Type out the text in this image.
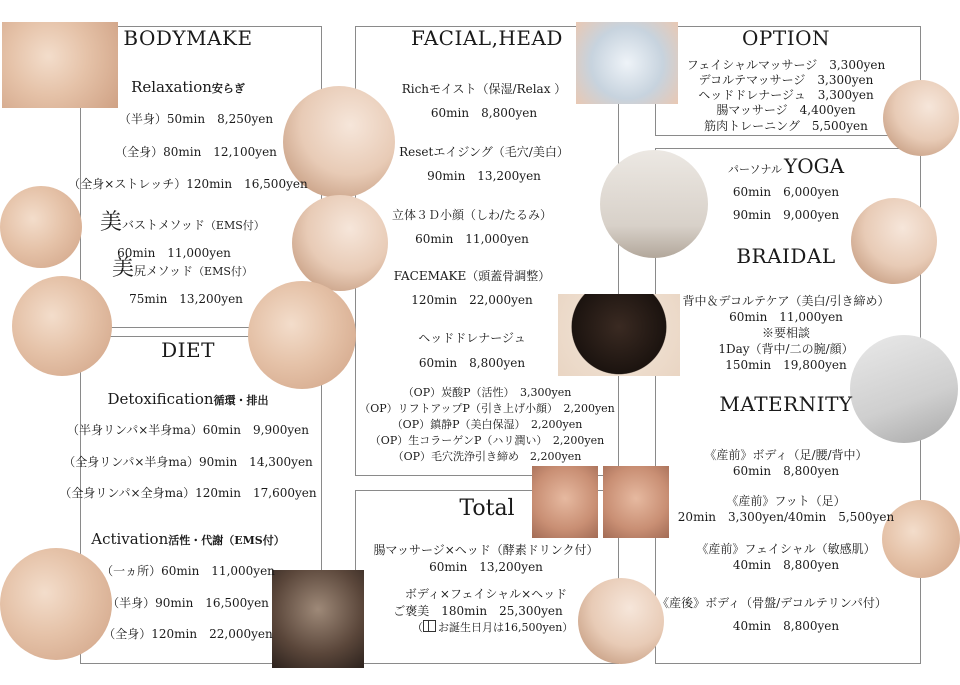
BODYMAKE
Relaxation安らぎ
（半身）50min　8,250yen
（全身）80min　12,100yen
（全身×ストレッチ）120min　16,500yen
美バストメソッド（EMS付）
60min　11,000yen
美尻メソッド（EMS付）
75min　13,200yen
DIET
Detoxification循環・排出
（半身リンパ×半身ma）60min　9,900yen
（全身リンパ×半身ma）90min　14,300yen
（全身リンパ×全身ma）120min　17,600yen
Activation活性・代謝（EMS付）
（一ヵ所）60min　11,000yen
（半身）90min　16,500yen
（全身）120min　22,000yen
FACIAL,HEAD
Richモイスト（保湿/Relax ）
60min　8,800yen
Resetエイジング（毛穴/美白）
90min　13,200yen
立体３Ｄ小顔（しわ/たるみ）
60min　11,000yen
FACEMAKE（頭蓋骨調整）
120min　22,000yen
ヘッドドレナージュ
60min　8,800yen
（OP）炭酸P（活性）　3,300yen
（OP）リフトアップP（引き上げ小顔）　2,200yen
（OP）鎮静P（美白保湿）　2,200yen
（OP）生コラーゲンP（ハリ潤い）　2,200yen
（OP）毛穴洗浄引き締め　2,200yen
Total
腸マッサージ×ヘッド（酵素ドリンク付）
60min　13,200yen
ボディ×フェイシャル×ヘッド
ご褒美　180min　25,300yen
（ お誕生日月は16,500yen）
OPTION
フェイシャルマッサージ　3,300yen
デコルテマッサージ　3,300yen
ヘッドドレナージュ　3,300yen
腸マッサージ　4,400yen
筋肉トレーニング　5,500yen
パーソナル YOGA
60min　6,000yen
90min　9,000yen
BRAIDAL
背中＆デコルテケア（美白/引き締め）
60min　11,000yen
※要相談
1Day（背中/二の腕/顔）
150min　19,800yen
MATERNITY
《産前》ボディ（足/腰/背中）
60min　8,800yen
《産前》フット（足）
20min　3,300yen/40min　5,500yen
《産前》フェイシャル（敏感肌）
40min　8,800yen
《産後》ボディ（骨盤/デコルテリンパ付）
40min　8,800yen
